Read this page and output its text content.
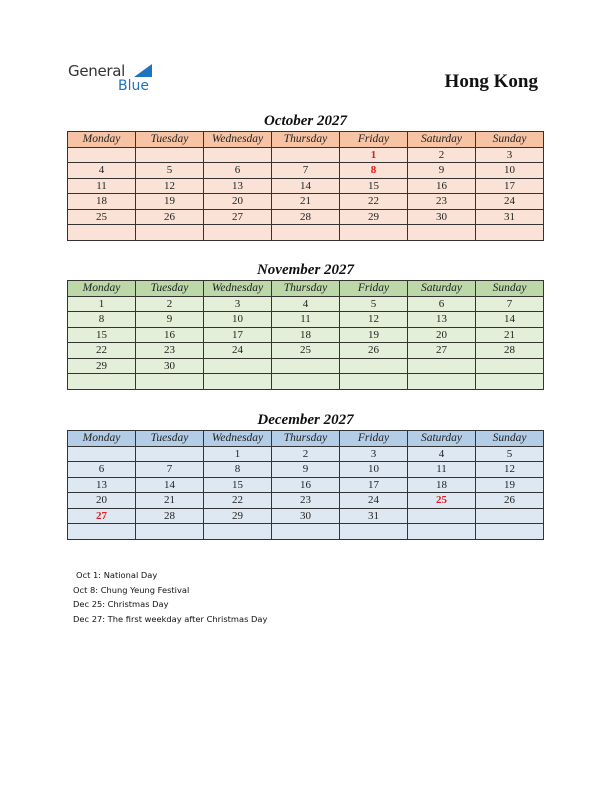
General
Blue	Hong Kong
October 2027
Monday	Tuesday	Wednesday	Thursday	Friday	Saturday	Sunday
				1	2	3
4	5	6	7	8	9	10
11	12	13	14	15	16	17
18	19	20	21	22	23	24
25	26	27	28	29	30	31

November 2027
Monday	Tuesday	Wednesday	Thursday	Friday	Saturday	Sunday
1	2	3	4	5	6	7
8	9	10	11	12	13	14
15	16	17	18	19	20	21
22	23	24	25	26	27	28
29	30					

December 2027
Monday	Tuesday	Wednesday	Thursday	Friday	Saturday	Sunday
		1	2	3	4	5
6	7	8	9	10	11	12
13	14	15	16	17	18	19
20	21	22	23	24	25	26
27	28	29	30	31		

Oct 1: National Day
Oct 8: Chung Yeung Festival
Dec 25: Christmas Day
Dec 27: The first weekday after Christmas Day
